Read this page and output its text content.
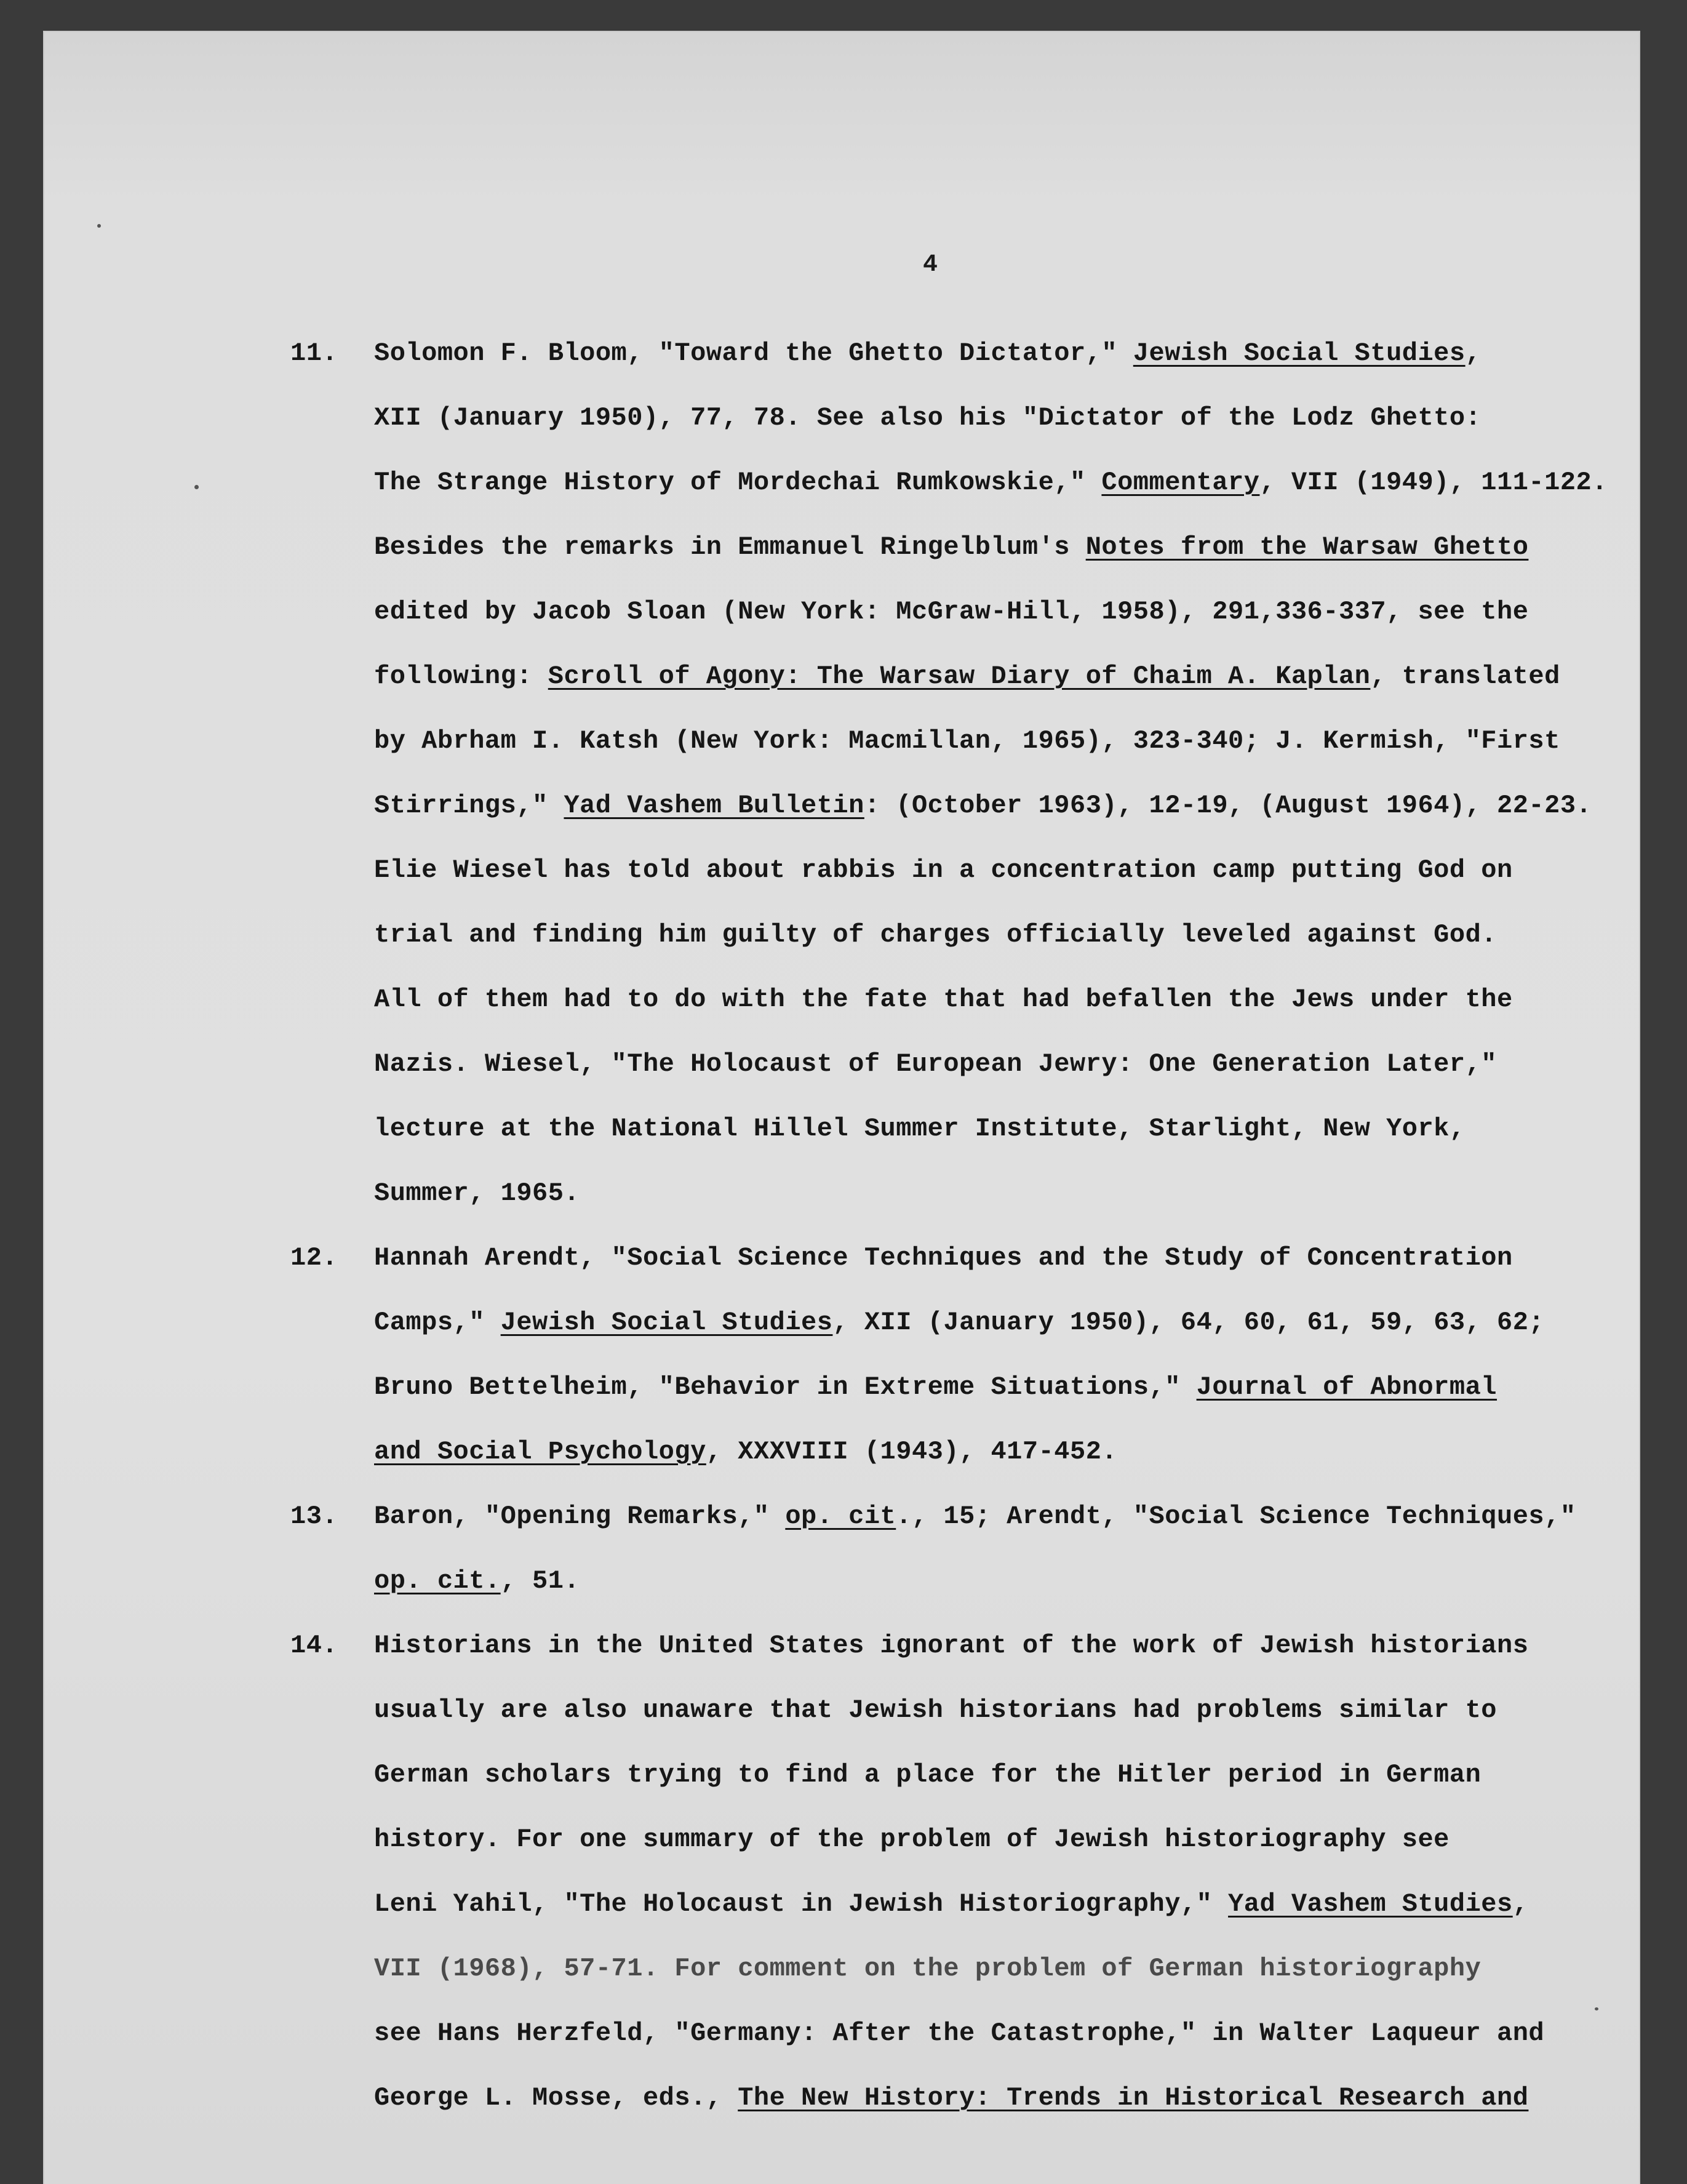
4
11. Solomon F. Bloom, "Toward the Ghetto Dictator," Jewish Social Studies,
XII (January 1950), 77, 78. See also his "Dictator of the Lodz Ghetto:
The Strange History of Mordechai Rumkowskie," Commentary, VII (1949), 111-122.
Besides the remarks in Emmanuel Ringelblum's Notes from the Warsaw Ghetto
edited by Jacob Sloan (New York: McGraw-Hill, 1958), 291,336-337, see the
following: Scroll of Agony: The Warsaw Diary of Chaim A. Kaplan, translated
by Abrham I. Katsh (New York: Macmillan, 1965), 323-340; J. Kermish, "First
Stirrings," Yad Vashem Bulletin: (October 1963), 12-19, (August 1964), 22-23.
Elie Wiesel has told about rabbis in a concentration camp putting God on
trial and finding him guilty of charges officially leveled against God.
All of them had to do with the fate that had befallen the Jews under the
Nazis. Wiesel, "The Holocaust of European Jewry: One Generation Later,"
lecture at the National Hillel Summer Institute, Starlight, New York,
Summer, 1965.
12. Hannah Arendt, "Social Science Techniques and the Study of Concentration
Camps," Jewish Social Studies, XII (January 1950), 64, 60, 61, 59, 63, 62;
Bruno Bettelheim, "Behavior in Extreme Situations," Journal of Abnormal
and Social Psychology, XXXVIII (1943), 417-452.
13. Baron, "Opening Remarks," op. cit., 15; Arendt, "Social Science Techniques,"
op. cit., 51.
14. Historians in the United States ignorant of the work of Jewish historians
usually are also unaware that Jewish historians had problems similar to
German scholars trying to find a place for the Hitler period in German
history. For one summary of the problem of Jewish historiography see
Leni Yahil, "The Holocaust in Jewish Historiography," Yad Vashem Studies,
VII (1968), 57-71. For comment on the problem of German historiography
see Hans Herzfeld, "Germany: After the Catastrophe," in Walter Laqueur and
George L. Mosse, eds., The New History: Trends in Historical Research and
